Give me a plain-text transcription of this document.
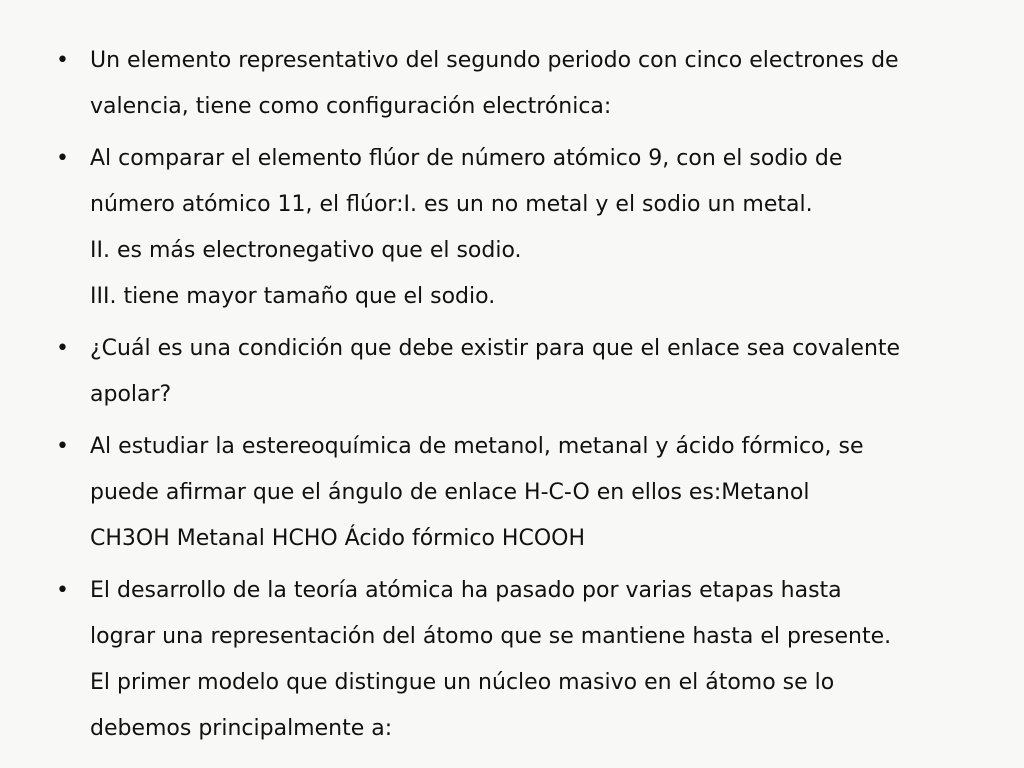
• Un elemento representativo del segundo periodo con cinco electrones de
valencia, tiene como configuración electrónica:
• Al comparar el elemento flúor de número atómico 9, con el sodio de
número atómico 11, el flúor:I. es un no metal y el sodio un metal.
II. es más electronegativo que el sodio.
III. tiene mayor tamaño que el sodio.
• ¿Cuál es una condición que debe existir para que el enlace sea covalente
apolar?
• Al estudiar la estereoquímica de metanol, metanal y ácido fórmico, se
puede afirmar que el ángulo de enlace H-C-O en ellos es:Metanol
CH3OH Metanal HCHO Ácido fórmico HCOOH
• El desarrollo de la teoría atómica ha pasado por varias etapas hasta
lograr una representación del átomo que se mantiene hasta el presente.
El primer modelo que distingue un núcleo masivo en el átomo se lo
debemos principalmente a:
